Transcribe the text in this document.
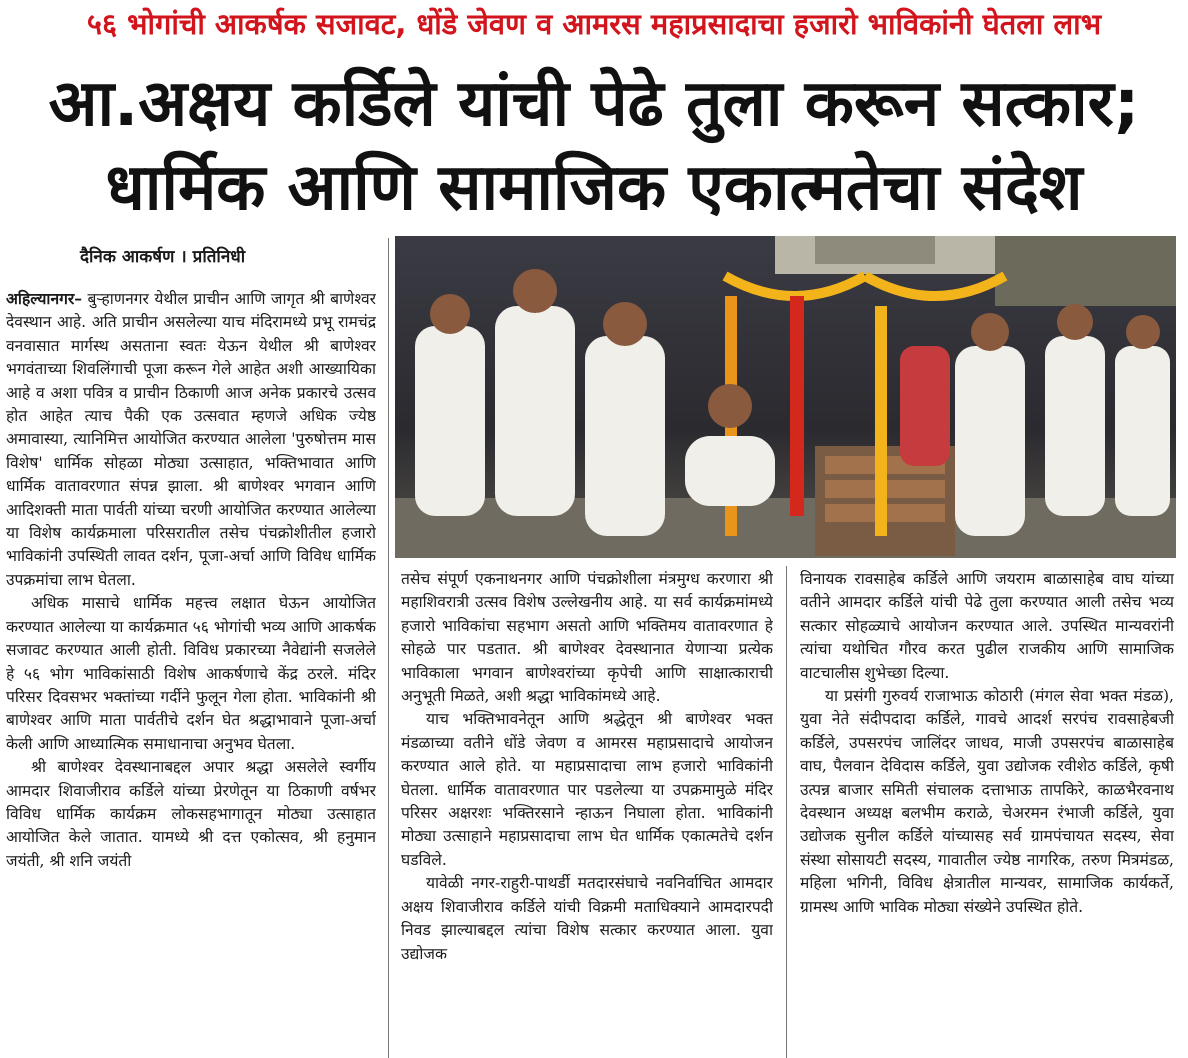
५६ भोगांची आकर्षक सजावट, धोंडे जेवण व आमरस महाप्रसादाचा हजारो भाविकांनी घेतला लाभ
आ.अक्षय कर्डिले यांची पेढे तुला करून सत्कार;
धार्मिक आणि सामाजिक एकात्मतेचा संदेश
दैनिक आकर्षण । प्रतिनिधी

अहिल्यानगर– बुऱ्हाणनगर येथील प्राचीन आणि जागृत श्री बाणेश्वर देवस्थान आहे. अति प्राचीन असलेल्या याच मंदिरामध्ये प्रभू रामचंद्र वनवासात मार्गस्थ असताना स्वतः येऊन येथील श्री बाणेश्वर भगवंताच्या शिवलिंगाची पूजा करून गेले आहेत अशी आख्यायिका आहे व अशा पवित्र व प्राचीन ठिकाणी आज अनेक प्रकारचे उत्सव होत आहेत त्याच पैकी एक उत्सवात म्हणजे अधिक ज्येष्ठ अमावास्या, त्यानिमित्त आयोजित करण्यात आलेला 'पुरुषोत्तम मास विशेष' धार्मिक सोहळा मोठ्या उत्साहात, भक्तिभावात आणि धार्मिक वातावरणात संपन्न झाला. श्री बाणेश्वर भगवान आणि आदिशक्ती माता पार्वती यांच्या चरणी आयोजित करण्यात आलेल्या या विशेष कार्यक्रमाला परिसरातील तसेच पंचक्रोशीतील हजारो भाविकांनी उपस्थिती लावत दर्शन, पूजा-अर्चा आणि विविध धार्मिक उपक्रमांचा लाभ घेतला.

अधिक मासाचे धार्मिक महत्त्व लक्षात घेऊन आयोजित करण्यात आलेल्या या कार्यक्रमात ५६ भोगांची भव्य आणि आकर्षक सजावट करण्यात आली होती. विविध प्रकारच्या नैवेद्यांनी सजलेले हे ५६ भोग भाविकांसाठी विशेष आकर्षणाचे केंद्र ठरले. मंदिर परिसर दिवसभर भक्तांच्या गर्दीने फुलून गेला होता. भाविकांनी श्री बाणेश्वर आणि माता पार्वतीचे दर्शन घेत श्रद्धाभावाने पूजा-अर्चा केली आणि आध्यात्मिक समाधानाचा अनुभव घेतला.

श्री बाणेश्वर देवस्थानाबद्दल अपार श्रद्धा असलेले स्वर्गीय आमदार शिवाजीराव कर्डिले यांच्या प्रेरणेतून या ठिकाणी वर्षभर विविध धार्मिक कार्यक्रम लोकसहभागातून मोठ्या उत्साहात आयोजित केले जातात. यामध्ये श्री दत्त एकोत्सव, श्री हनुमान जयंती, श्री शनि जयंती

तसेच संपूर्ण एकनाथनगर आणि पंचक्रोशीला मंत्रमुग्ध करणारा श्री महाशिवरात्री उत्सव विशेष उल्लेखनीय आहे. या सर्व कार्यक्रमांमध्ये हजारो भाविकांचा सहभाग असतो आणि भक्तिमय वातावरणात हे सोहळे पार पडतात. श्री बाणेश्वर देवस्थानात येणाऱ्या प्रत्येक भाविकाला भगवान बाणेश्वरांच्या कृपेची आणि साक्षात्काराची अनुभूती मिळते, अशी श्रद्धा भाविकांमध्ये आहे.

याच भक्तिभावनेतून आणि श्रद्धेतून श्री बाणेश्वर भक्त मंडळाच्या वतीने धोंडे जेवण व आमरस महाप्रसादाचे आयोजन करण्यात आले होते. या महाप्रसादाचा लाभ हजारो भाविकांनी घेतला. धार्मिक वातावरणात पार पडलेल्या या उपक्रमामुळे मंदिर परिसर अक्षरशः भक्तिरसाने न्हाऊन निघाला होता. भाविकांनी मोठ्या उत्साहाने महाप्रसादाचा लाभ घेत धार्मिक एकात्मतेचे दर्शन घडविले.

यावेळी नगर-राहुरी-पाथर्डी मतदारसंघाचे नवनिर्वाचित आमदार अक्षय शिवाजीराव कर्डिले यांची विक्रमी मताधिक्याने आमदारपदी निवड झाल्याबद्दल त्यांचा विशेष सत्कार करण्यात आला. युवा उद्योजक

विनायक रावसाहेब कर्डिले आणि जयराम बाळासाहेब वाघ यांच्या वतीने आमदार कर्डिले यांची पेढे तुला करण्यात आली तसेच भव्य सत्कार सोहळ्याचे आयोजन करण्यात आले. उपस्थित मान्यवरांनी त्यांचा यथोचित गौरव करत पुढील राजकीय आणि सामाजिक वाटचालीस शुभेच्छा दिल्या.

या प्रसंगी गुरुवर्य राजाभाऊ कोठारी (मंगल सेवा भक्त मंडळ), युवा नेते संदीपदादा कर्डिले, गावचे आदर्श सरपंच रावसाहेबजी कर्डिले, उपसरपंच जालिंदर जाधव, माजी उपसरपंच बाळासाहेब वाघ, पैलवान देविदास कर्डिले, युवा उद्योजक रवीशेठ कर्डिले, कृषी उत्पन्न बाजार समिती संचालक दत्ताभाऊ तापकिरे, काळभैरवनाथ देवस्थान अध्यक्ष बलभीम कराळे, चेअरमन रंभाजी कर्डिले, युवा उद्योजक सुनील कर्डिले यांच्यासह सर्व ग्रामपंचायत सदस्य, सेवा संस्था सोसायटी सदस्य, गावातील ज्येष्ठ नागरिक, तरुण मित्रमंडळ, महिला भगिनी, विविध क्षेत्रातील मान्यवर, सामाजिक कार्यकर्ते, ग्रामस्थ आणि भाविक मोठ्या संख्येने उपस्थित होते.
